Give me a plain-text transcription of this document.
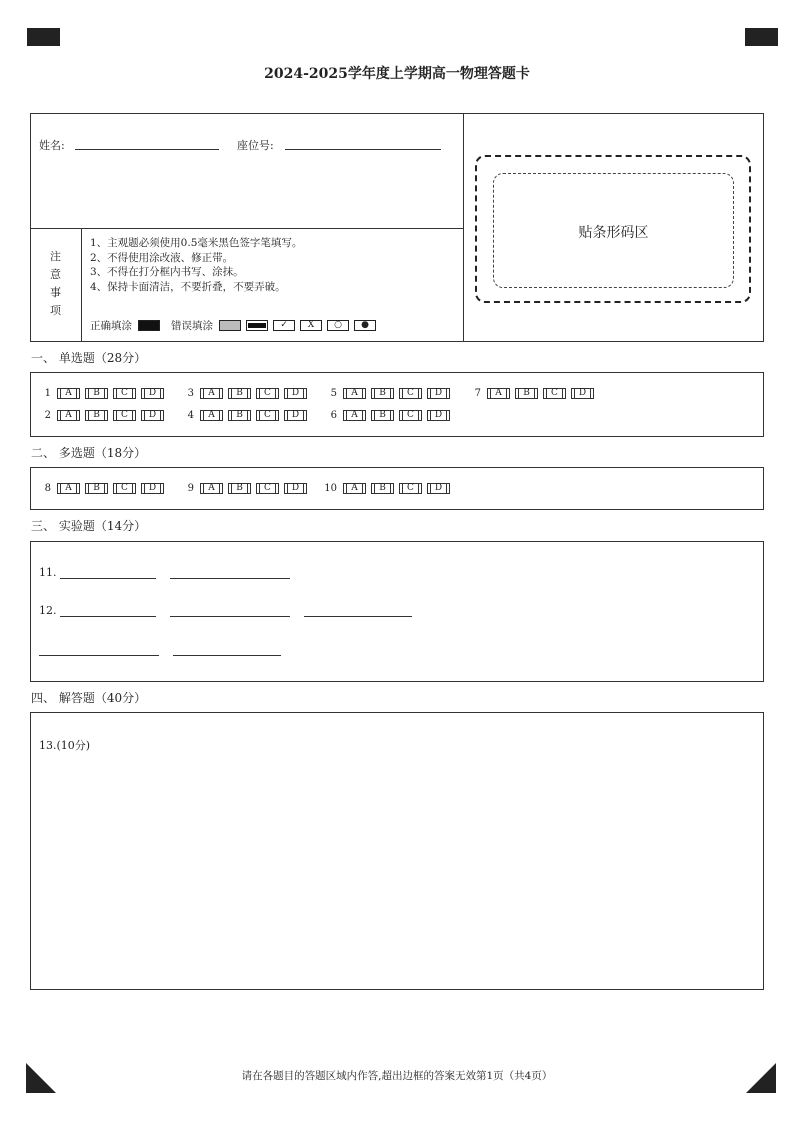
2024-2025学年度上学期高一物理答题卡
姓名:	座位号:
贴条形码区
注
意
事
项
1、主观题必须使用0.5毫米黑色签字笔填写。
2、不得使用涂改液、修正带。
3、不得在打分框内书写、涂抹。
4、保持卡面清洁，不要折叠，不要弄破。
正确填涂	错误填涂	✓	X	○	●
一、 单选题（28分）
1	A	B	C	D	3	A	B	C	D	5	A	B	C	D	7	A	B	C	D
2	A	B	C	D	4	A	B	C	D	6	A	B	C	D
二、 多选题（18分）
8	A	B	C	D	9	A	B	C	D	10	A	B	C	D
三、 实验题（14分）
11.
12.
四、 解答题（40分）
13.(10分)
请在各题目的答题区域内作答,超出边框的答案无效第1页（共4页）
